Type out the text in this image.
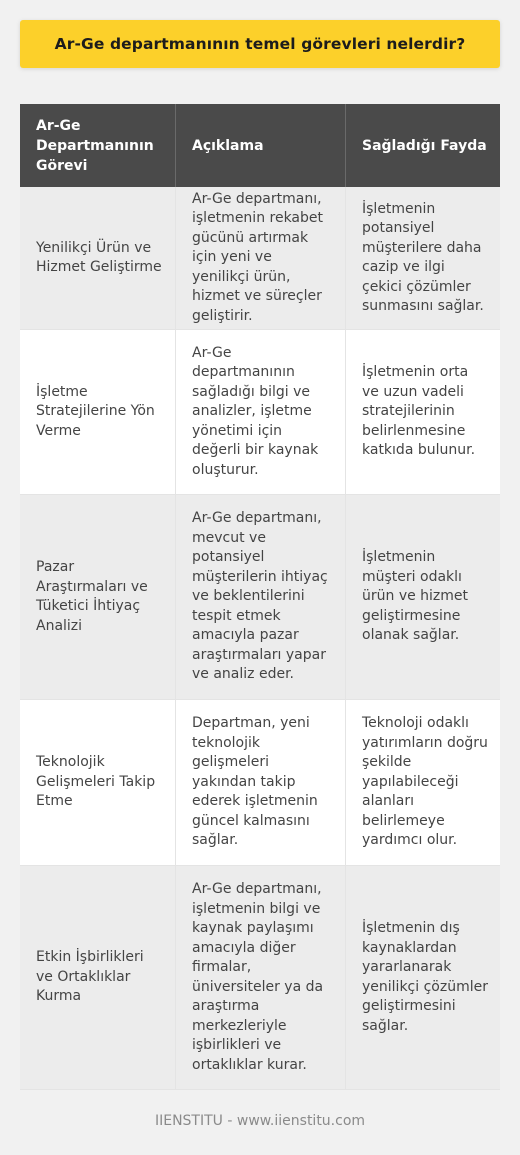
Ar-Ge departmanının temel görevleri nelerdir?
Ar-Ge Departmanının Görevi	Açıklama	Sağladığı Fayda
Yenilikçi Ürün ve Hizmet Geliştirme	Ar-Ge departmanı, işletmenin rekabet gücünü artırmak için yeni ve yenilikçi ürün, hizmet ve süreçler geliştirir.	İşletmenin potansiyel müşterilere daha cazip ve ilgi çekici çözümler sunmasını sağlar.
İşletme Stratejilerine Yön Verme	Ar-Ge departmanının sağladığı bilgi ve analizler, işletme yönetimi için değerli bir kaynak oluşturur.	İşletmenin orta ve uzun vadeli stratejilerinin belirlenmesine katkıda bulunur.
Pazar Araştırmaları ve Tüketici İhtiyaç Analizi	Ar-Ge departmanı, mevcut ve potansiyel müşterilerin ihtiyaç ve beklentilerini tespit etmek amacıyla pazar araştırmaları yapar ve analiz eder.	İşletmenin müşteri odaklı ürün ve hizmet geliştirmesine olanak sağlar.
Teknolojik Gelişmeleri Takip Etme	Departman, yeni teknolojik gelişmeleri yakından takip ederek işletmenin güncel kalmasını sağlar.	Teknoloji odaklı yatırımların doğru şekilde yapılabileceği alanları belirlemeye yardımcı olur.
Etkin İşbirlikleri ve Ortaklıklar Kurma	Ar-Ge departmanı, işletmenin bilgi ve kaynak paylaşımı amacıyla diğer firmalar, üniversiteler ya da araştırma merkezleriyle işbirlikleri ve ortaklıklar kurar.	İşletmenin dış kaynaklardan yararlanarak yenilikçi çözümler geliştirmesini sağlar.
IIENSTITU - www.iienstitu.com
